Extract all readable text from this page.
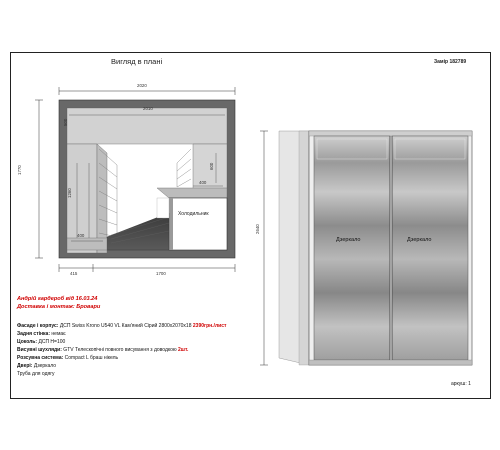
Вигляд в плані	Замір 182789
2020
2010
1770
500
1260
400
600
400
415	1700
Холодильник
2640
Дзеркало	Дзеркало
Андрій гардероб від 16.03.24
Доставка і монтаж: Бровари
Фасаде і корпус: ДСП Swiss Krono U540 VL Кам'яний Сірий 2800х2070х18 2390грн./лист
Задня стінка: немає
Цоколь: ДСП Н=100
Висувні шухляди: GTV Телескопічні повного висування з доводкою 2шт.
Розсувна система: Compact L браш нікель
Двері: Дзеркало
Труба для одягу
аркуш: 1
